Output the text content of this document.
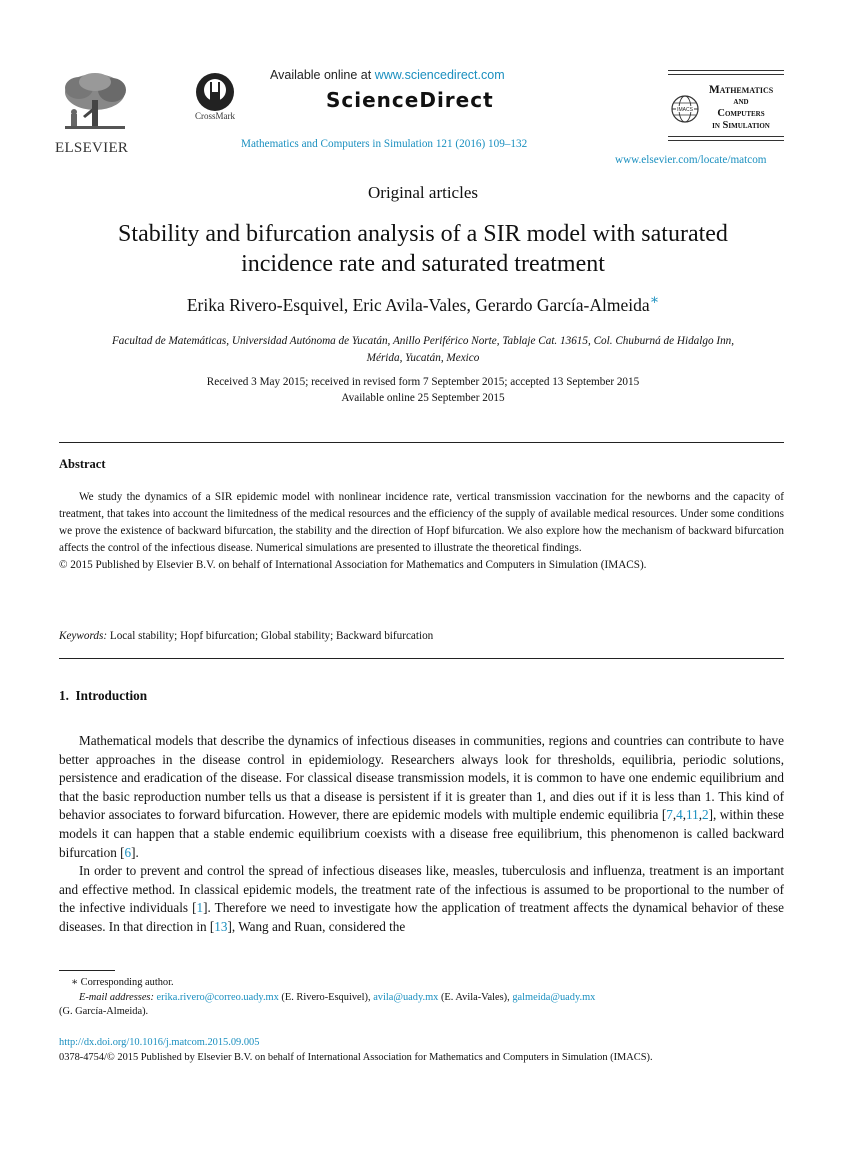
ELSEVIER
CrossMark
Available online at www.sciencedirect.com
ScienceDirect
Mathematics and Computers in Simulation 121 (2016) 109–132
IMACS
Mathematics
and
Computers
in Simulation
www.elsevier.com/locate/matcom
Original articles
Stability and bifurcation analysis of a SIR model with saturated
incidence rate and saturated treatment
Erika Rivero-Esquivel, Eric Avila-Vales, Gerardo García-Almeida∗
Facultad de Matemáticas, Universidad Autónoma de Yucatán, Anillo Periférico Norte, Tablaje Cat. 13615, Col. Chuburná de Hidalgo Inn,
Mérida, Yucatán, Mexico
Received 3 May 2015; received in revised form 7 September 2015; accepted 13 September 2015
Available online 25 September 2015
Abstract
We study the dynamics of a SIR epidemic model with nonlinear incidence rate, vertical transmission vaccination for the newborns and the capacity of treatment, that takes into account the limitedness of the medical resources and the efficiency of the supply of available medical resources. Under some conditions we prove the existence of backward bifurcation, the stability and the direction of Hopf bifurcation. We also explore how the mechanism of backward bifurcation affects the control of the infectious disease. Numerical simulations are presented to illustrate the theoretical findings.
© 2015 Published by Elsevier B.V. on behalf of International Association for Mathematics and Computers in Simulation (IMACS).
Keywords: Local stability; Hopf bifurcation; Global stability; Backward bifurcation
1.  Introduction
Mathematical models that describe the dynamics of infectious diseases in communities, regions and countries can contribute to have better approaches in the disease control in epidemiology. Researchers always look for thresholds, equilibria, periodic solutions, persistence and eradication of the disease. For classical disease transmission models, it is common to have one endemic equilibrium and that the basic reproduction number tells us that a disease is persistent if it is greater than 1, and dies out if it is less than 1. This kind of behavior associates to forward bifurcation. However, there are epidemic models with multiple endemic equilibria [7,4,11,2], within these models it can happen that a stable endemic equilibrium coexists with a disease free equilibrium, this phenomenon is called backward bifurcation [6].
In order to prevent and control the spread of infectious diseases like, measles, tuberculosis and influenza, treatment is an important and effective method. In classical epidemic models, the treatment rate of the infectious is assumed to be proportional to the number of the infective individuals [1]. Therefore we need to investigate how the application of treatment affects the dynamical behavior of these diseases. In that direction in [13], Wang and Ruan, considered the
∗ Corresponding author.
E-mail addresses: erika.rivero@correo.uady.mx (E. Rivero-Esquivel), avila@uady.mx (E. Avila-Vales), galmeida@uady.mx
(G. García-Almeida).
http://dx.doi.org/10.1016/j.matcom.2015.09.005
0378-4754/© 2015 Published by Elsevier B.V. on behalf of International Association for Mathematics and Computers in Simulation (IMACS).
